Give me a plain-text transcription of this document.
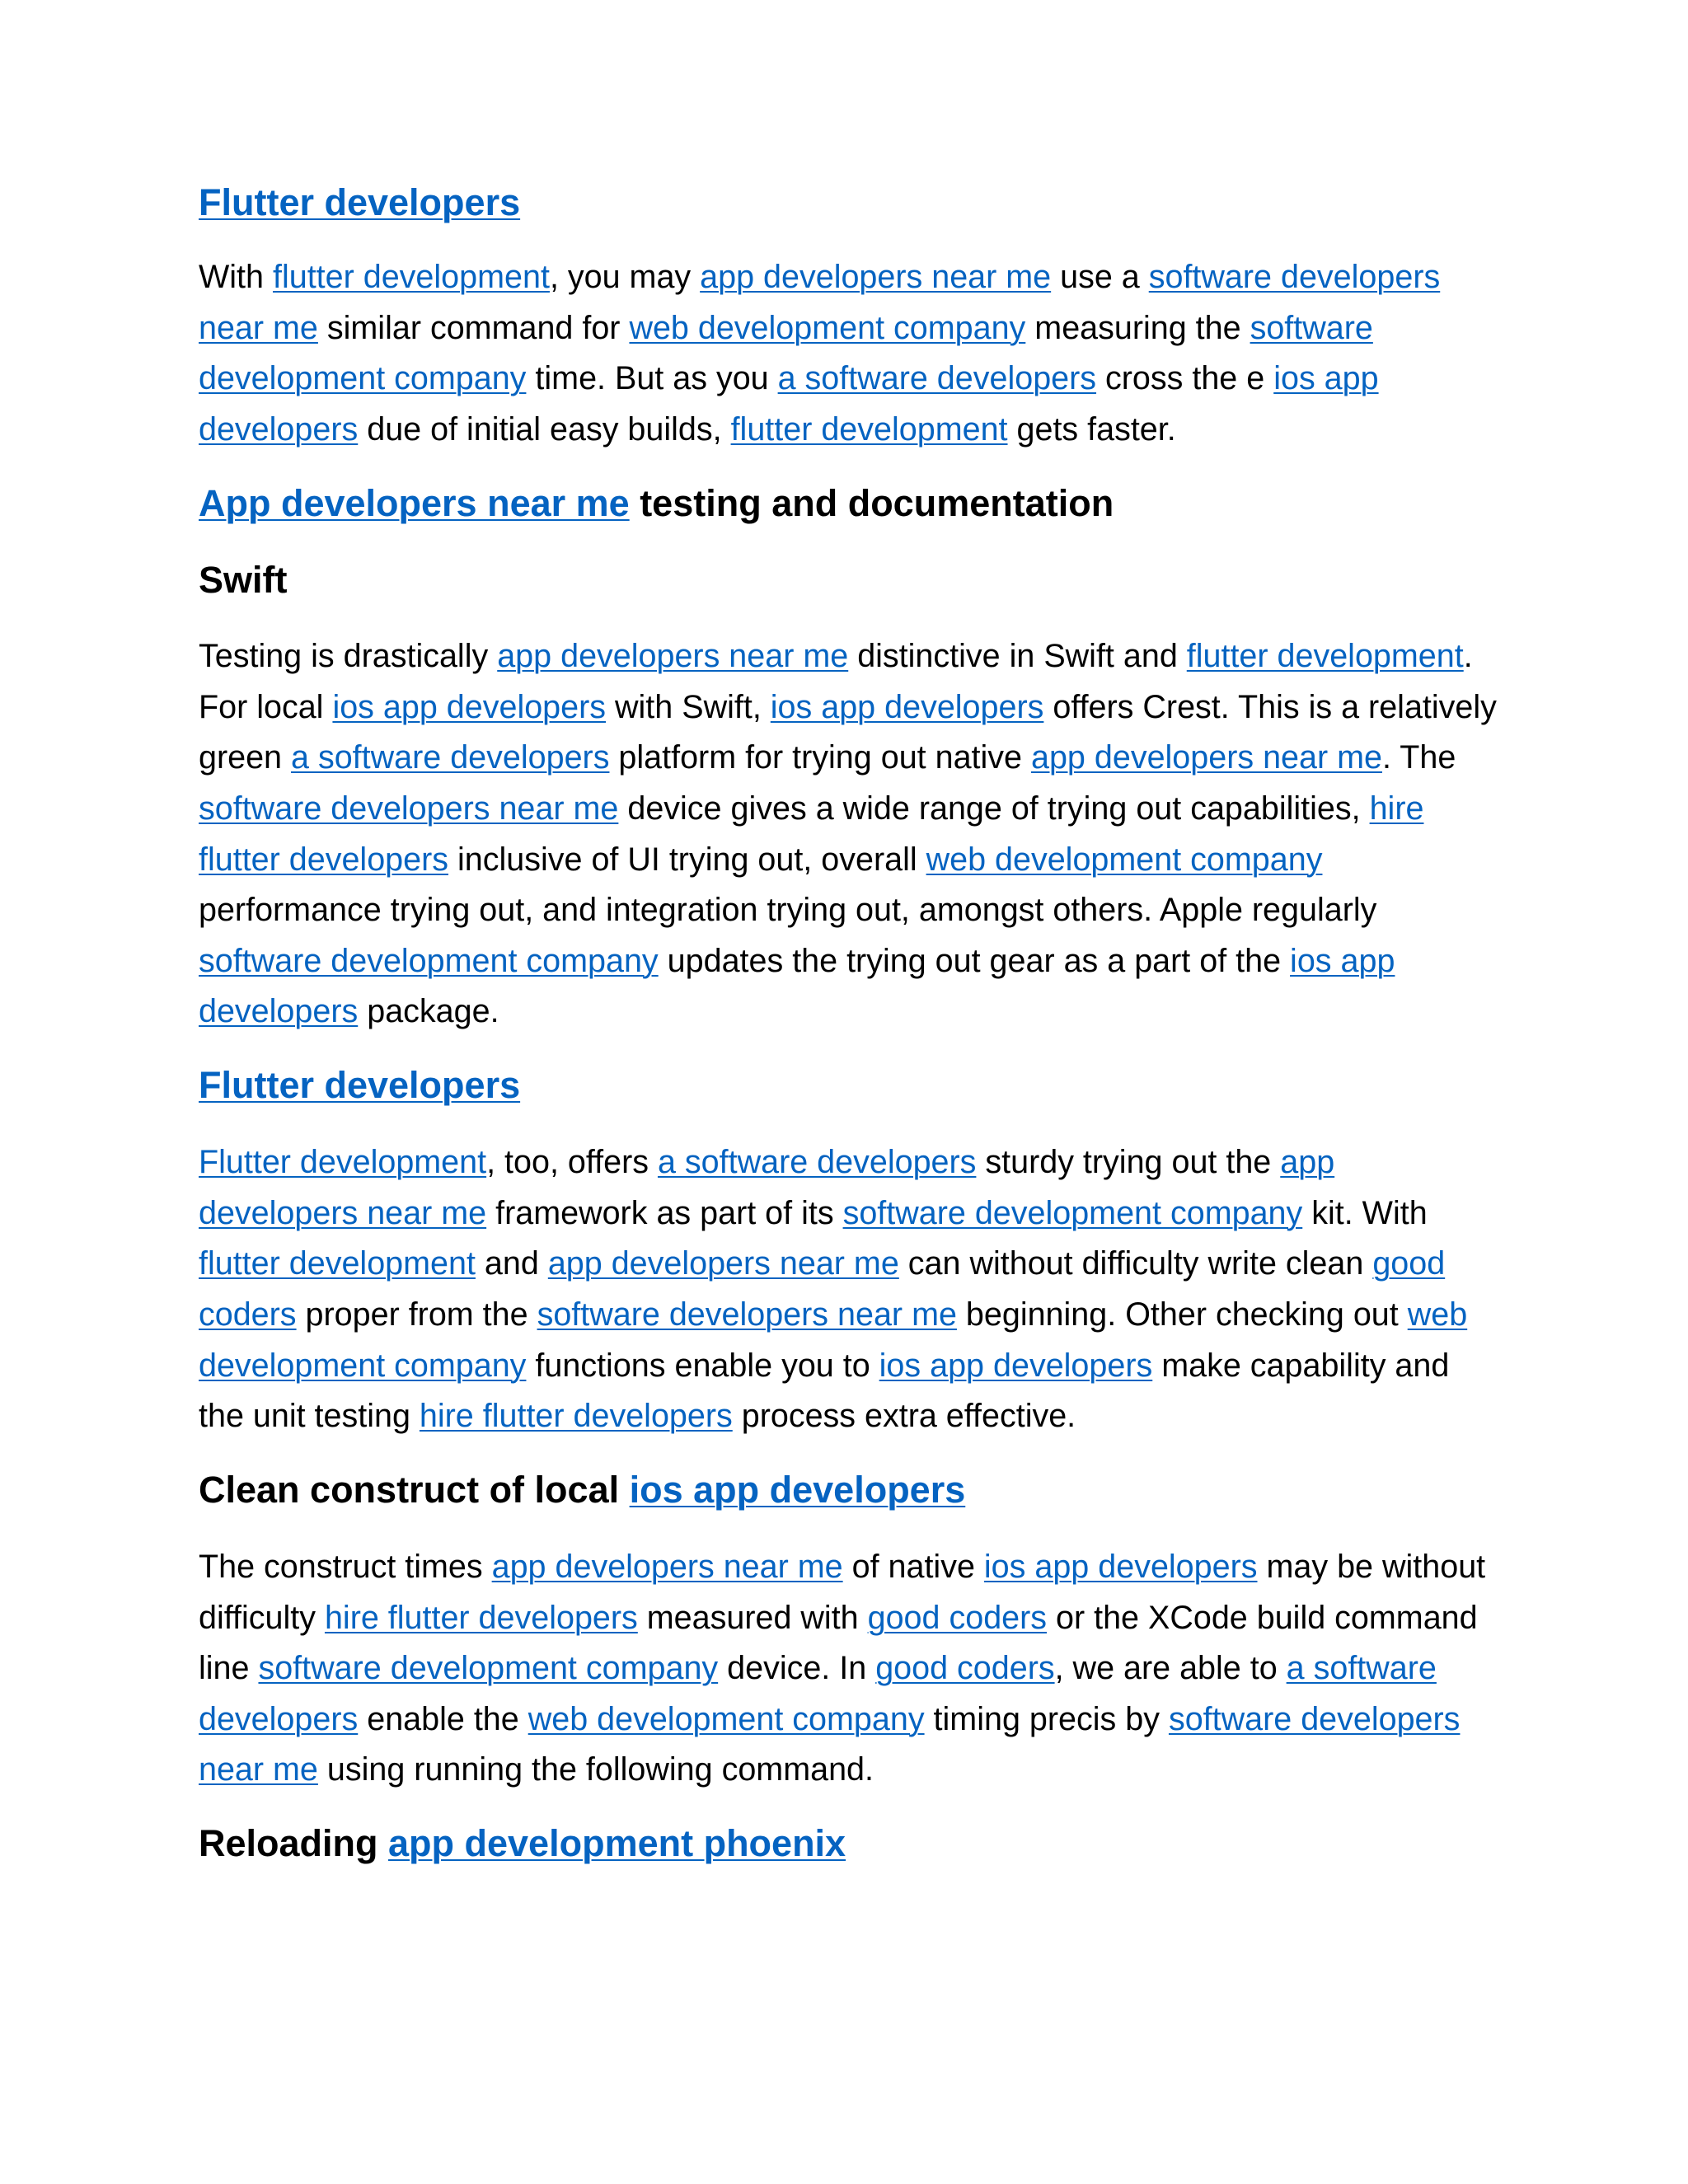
Flutter developers

With flutter development, you may app developers near me use a software developers near me similar command for web development company measuring the software development company time. But as you a software developers cross the e ios app developers due of initial easy builds, flutter development gets faster.

App developers near me testing and documentation
Swift

Testing is drastically app developers near me distinctive in Swift and flutter development. For local ios app developers with Swift, ios app developers offers Crest. This is a relatively green a software developers platform for trying out native app developers near me. The software developers near me device gives a wide range of trying out capabilities, hire flutter developers inclusive of UI trying out, overall web development company performance trying out, and integration trying out, amongst others. Apple regularly software development company updates the trying out gear as a part of the ios app developers package.

Flutter developers

Flutter development, too, offers a software developers sturdy trying out the app developers near me framework as part of its software development company kit. With flutter development and app developers near me can without difficulty write clean good coders proper from the software developers near me beginning. Other checking out web development company functions enable you to ios app developers make capability and the unit testing hire flutter developers process extra effective.

Clean construct of local ios app developers

The construct times app developers near me of native ios app developers may be without difficulty hire flutter developers measured with good coders or the XCode build command line software development company device. In good coders, we are able to a software developers enable the web development company timing precis by software developers near me using running the following command.

Reloading app development phoenix
